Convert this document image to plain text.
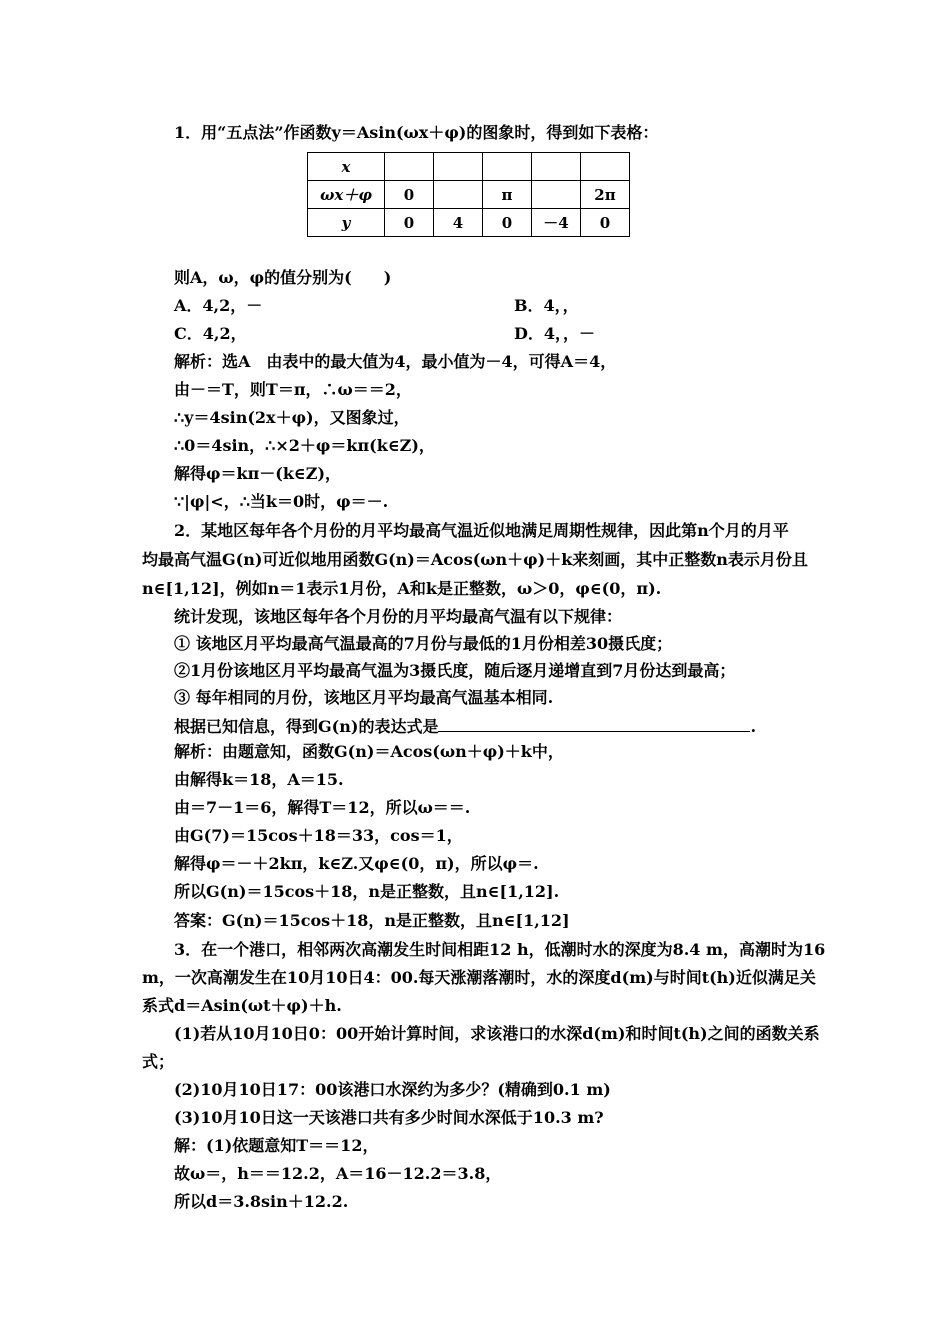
1．用“五点法”作函数y＝Asin(ωx＋φ)的图象时，得到如下表格：
x					
ωx＋φ	0		π		2π
y	0	4	0	－4	0
则A，ω，φ的值分别为(　　)
A．4,2，－	B．4，，
C．4,2，	D．4，，－
解析：选A　由表中的最大值为4，最小值为－4，可得A＝4，
由－＝T，则T＝π，∴ω＝＝2，
∴y＝4sin(2x＋φ)，又图象过，
∴0＝4sin，∴×2＋φ＝kπ(k∈Z)，
解得φ＝kπ－(k∈Z)，
∵|φ|<，∴当k＝0时，φ＝－.
2．某地区每年各个月份的月平均最高气温近似地满足周期性规律，因此第n个月的月平
均最高气温G(n)可近似地用函数G(n)＝Acos(ωn＋φ)＋k来刻画，其中正整数n表示月份且
n∈[1,12]，例如n＝1表示1月份，A和k是正整数，ω＞0，φ∈(0，π).
统计发现，该地区每年各个月份的月平均最高气温有以下规律：
① 该地区月平均最高气温最高的7月份与最低的1月份相差30摄氏度；
②1月份该地区月平均最高气温为3摄氏度，随后逐月递增直到7月份达到最高；
③ 每年相同的月份，该地区月平均最高气温基本相同.
根据已知信息，得到G(n)的表达式是	.
解析：由题意知，函数G(n)＝Acos(ωn＋φ)＋k中，
由解得k＝18，A＝15.
由＝7－1＝6，解得T＝12，所以ω＝＝.
由G(7)＝15cos＋18＝33，cos＝1，
解得φ＝－＋2kπ，k∈Z.又φ∈(0，π)，所以φ＝.
所以G(n)＝15cos＋18，n是正整数，且n∈[1,12].
答案：G(n)＝15cos＋18，n是正整数，且n∈[1,12]
3．在一个港口，相邻两次高潮发生时间相距12 h，低潮时水的深度为8.4 m，高潮时为16
m，一次高潮发生在10月10日4：00.每天涨潮落潮时，水的深度d(m)与时间t(h)近似满足关
系式d＝Asin(ωt＋φ)＋h.
(1)若从10月10日0：00开始计算时间，求该港口的水深d(m)和时间t(h)之间的函数关系
式；
(2)10月10日17：00该港口水深约为多少？(精确到0.1 m)
(3)10月10日这一天该港口共有多少时间水深低于10.3 m?
解：(1)依题意知T＝＝12，
故ω＝，h＝＝12.2，A＝16－12.2＝3.8，
所以d＝3.8sin＋12.2.
